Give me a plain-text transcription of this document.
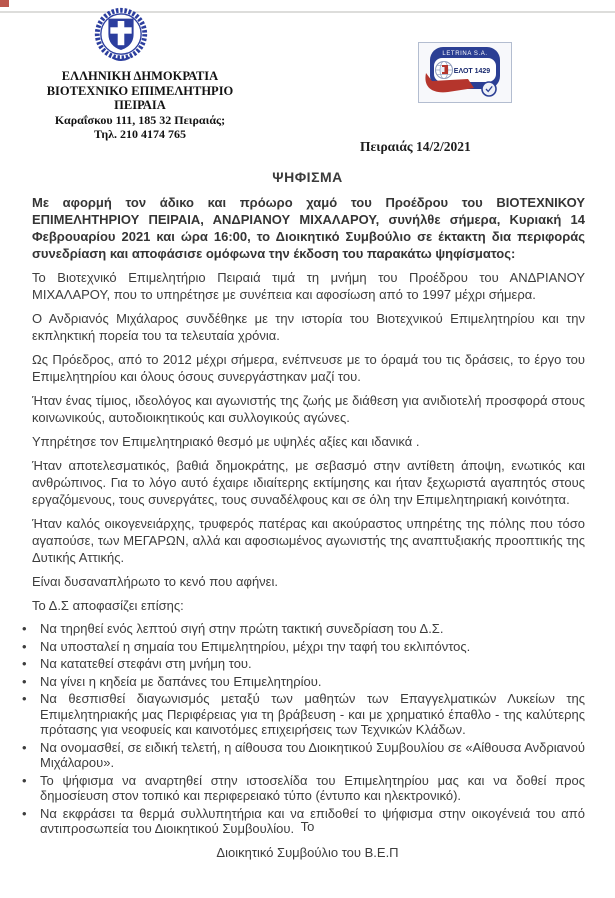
ΕΛΛΗΝΙΚΗ ΔΗΜΟΚΡΑΤΙΑ
ΒΙΟΤΕΧΝΙΚΟ ΕΠΙΜΕΛΗΤΗΡΙΟ
ΠΕΙΡΑΙΑ
Καραΐσκου 111, 185 32 Πειραιάς;
Τηλ. 210 4174 765
LETRINA S.A.
ΕΛΟΤ 1429
Πειραιάς 14/2/2021
ΨΗΦΙΣΜΑ

Με αφορμή τον άδικο και πρόωρο χαμό του Προέδρου του ΒΙΟΤΕΧΝΙΚΟΥ ΕΠΙΜΕΛΗΤΗΡΙΟΥ ΠΕΙΡΑΙΑ, ΑΝΔΡΙΑΝΟΥ ΜΙΧΑΛΑΡΟΥ, συνήλθε σήμερα, Κυριακή 14 Φεβρουαρίου 2021 και ώρα 16:00, το Διοικητικό Συμβούλιο σε έκτακτη δια περιφοράς συνεδρίαση και αποφάσισε ομόφωνα την έκδοση του παρακάτω ψηφίσματος:

Το Βιοτεχνικό Επιμελητήριο Πειραιά τιμά τη μνήμη του Προέδρου του ΑΝΔΡΙΑΝΟΥ ΜΙΧΑΛΑΡΟΥ, που το υπηρέτησε με συνέπεια και αφοσίωση από το 1997 μέχρι σήμερα.

Ο Ανδριανός Μιχάλαρος συνδέθηκε με την ιστορία του Βιοτεχνικού Επιμελητηρίου και την εκπληκτική πορεία του τα τελευταία χρόνια.

Ως Πρόεδρος, από το 2012 μέχρι σήμερα, ενέπνευσε με το όραμά του τις δράσεις, το έργο του Επιμελητηρίου και όλους όσους συνεργάστηκαν μαζί του.

Ήταν ένας τίμιος, ιδεολόγος και αγωνιστής της ζωής με διάθεση για ανιδιοτελή προσφορά στους κοινωνικούς, αυτοδιοικητικούς και συλλογικούς αγώνες.

Υπηρέτησε τον Επιμελητηριακό θεσμό με υψηλές αξίες και ιδανικά .

Ήταν αποτελεσματικός, βαθιά δημοκράτης, με σεβασμό στην αντίθετη άποψη, ενωτικός και ανθρώπινος. Για το λόγο αυτό έχαιρε ιδιαίτερης εκτίμησης και ήταν ξεχωριστά αγαπητός στους εργαζόμενους, τους συνεργάτες, τους συναδέλφους και σε όλη την Επιμελητηριακή κοινότητα.

Ήταν καλός οικογενειάρχης, τρυφερός πατέρας και ακούραστος υπηρέτης της πόλης που τόσο αγαπούσε, των ΜΕΓΑΡΩΝ, αλλά και αφοσιωμένος αγωνιστής της αναπτυξιακής προοπτικής της Δυτικής Αττικής.

Είναι δυσαναπλήρωτο το κενό που αφήνει.

Το Δ.Σ αποφασίζει επίσης:

• Να τηρηθεί ενός λεπτού σιγή στην πρώτη τακτική συνεδρίαση του Δ.Σ.
• Να υποσταλεί η σημαία του Επιμελητηρίου, μέχρι την ταφή του εκλιπόντος.
• Να κατατεθεί στεφάνι στη μνήμη του.
• Να γίνει η κηδεία με δαπάνες του Επιμελητηρίου.
• Να θεσπισθεί διαγωνισμός μεταξύ των μαθητών των Επαγγελματικών Λυκείων της Επιμελητηριακής μας Περιφέρειας για τη βράβευση - και με χρηματικό έπαθλο - της καλύτερης πρότασης για νεοφυείς και καινοτόμες επιχειρήσεις των Τεχνικών Κλάδων.
• Να ονομασθεί, σε ειδική τελετή, η αίθουσα του Διοικητικού Συμβουλίου σε «Αίθουσα Ανδριανού Μιχάλαρου».
• Το ψήφισμα να αναρτηθεί στην ιστοσελίδα του Επιμελητηρίου μας και να δοθεί προς δημοσίευση στον τοπικό και περιφερειακό τύπο (έντυπο και ηλεκτρονικό).
• Να εκφράσει τα θερμά συλλυπητήρια και να επιδοθεί το ψήφισμα στην οικογένειά του από αντιπροσωπεία του Διοικητικού Συμβουλίου. Το
Διοικητικό Συμβούλιο του Β.Ε.Π
